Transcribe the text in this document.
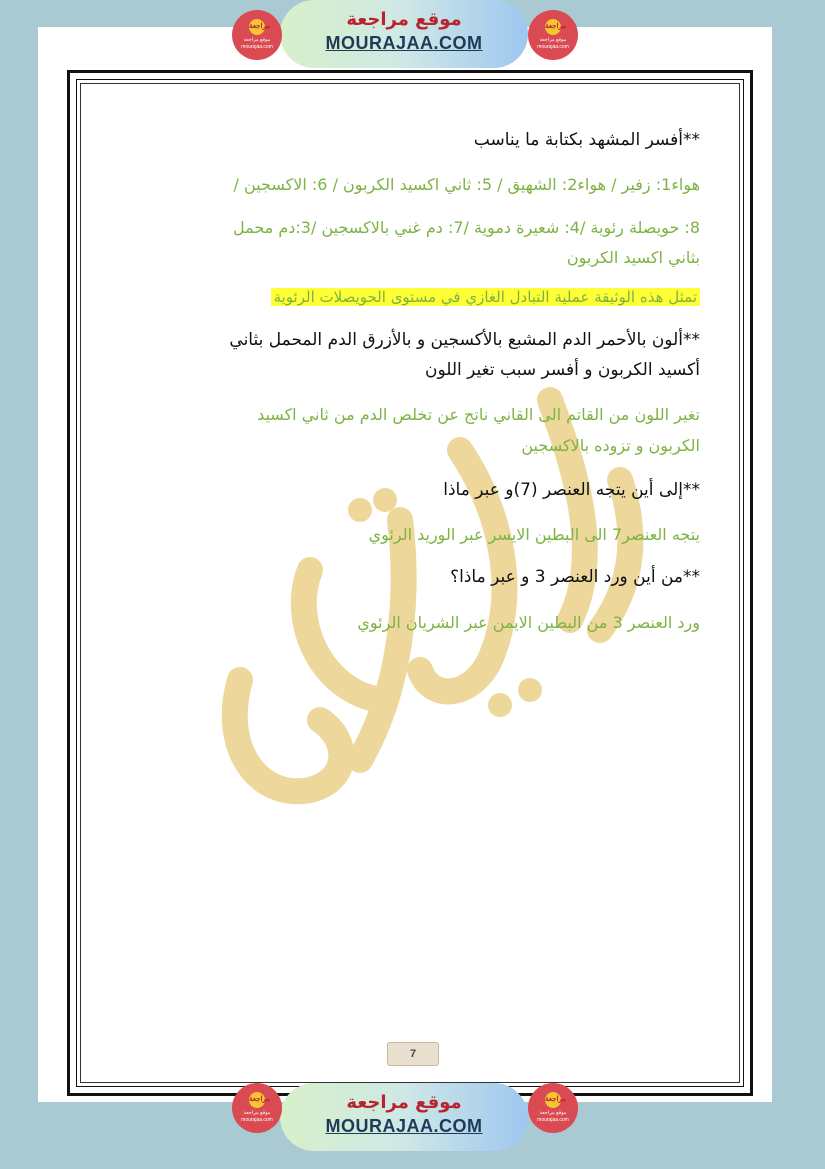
موقع مراجعة
MOURAJAA.COM
مراجعة
موقع مراجعة
mourajaa.com
مراجعة
موقع مراجعة
mourajaa.com
**أفسر المشهد بكتابة ما يناسب
هواء1: زفير / هواء2: الشهيق / 5: ثاني اكسيد الكربون / 6: الاكسجين /
8: حويصلة رئوية /4: شعيرة دموية /7: دم غني بالاكسجين /3:دم محمل
بثاني اكسيد الكربون
تمثل هذه الوثيقة عملية التبادل الغازي في مستوى الحويصلات الرئوية
**ألون بالأحمر الدم المشبع بالأكسجين و بالأزرق الدم المحمل بثاني
أكسيد الكربون و أفسر سبب تغير اللون
تغير اللون من القاتم الى القاني ناتج عن تخلص الدم من ثاني اكسيد
الكربون و تزوده بالاكسجين
**إلى أين يتجه العنصر (7)و عبر ماذا
يتجه العنصر7 الى البطين الايسر عبر الوريد الرئوي
**من أين ورد العنصر 3 و عبر ماذا؟
ورد العنصر 3 من البطين الايمن عبر الشريان الرئوي
7
موقع مراجعة
MOURAJAA.COM
مراجعة
موقع مراجعة
mourajaa.com
مراجعة
موقع مراجعة
mourajaa.com
